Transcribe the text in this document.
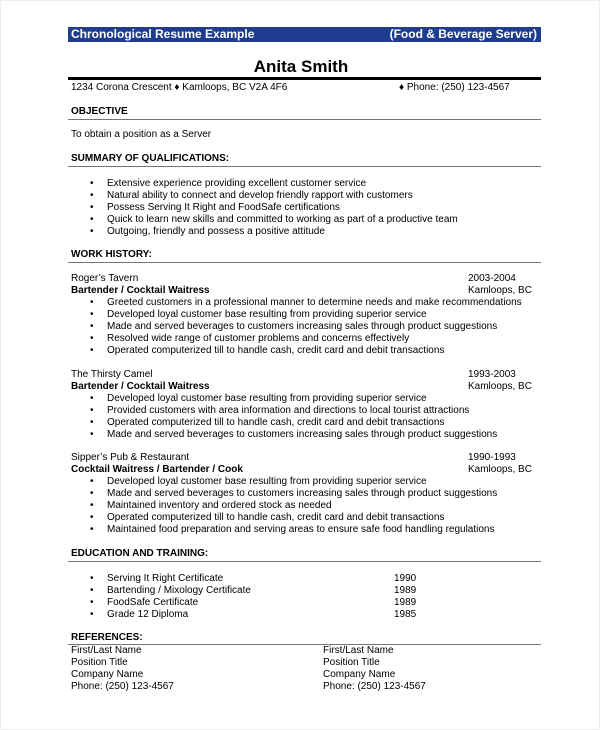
Chronological Resume Example	(Food & Beverage Server)
Anita Smith
1234 Corona Crescent ♦ Kamloops, BC V2A 4F6	♦ Phone: (250) 123-4567
OBJECTIVE
To obtain a position as a Server
SUMMARY OF QUALIFICATIONS:
• Extensive experience providing excellent customer service
• Natural ability to connect and develop friendly rapport with customers
• Possess Serving It Right and FoodSafe certifications
• Quick to learn new skills and committed to working as part of a productive team
• Outgoing, friendly and possess a positive attitude
WORK HISTORY:
Roger’s Tavern	2003-2004
Bartender / Cocktail Waitress	Kamloops, BC
• Greeted customers in a professional manner to determine needs and make recommendations
• Developed loyal customer base resulting from providing superior service
• Made and served beverages to customers increasing sales through product suggestions
• Resolved wide range of customer problems and concerns effectively
• Operated computerized till to handle cash, credit card and debit transactions
The Thirsty Camel	1993-2003
Bartender / Cocktail Waitress	Kamloops, BC
• Developed loyal customer base resulting from providing superior service
• Provided customers with area information and directions to local tourist attractions
• Operated computerized till to handle cash, credit card and debit transactions
• Made and served beverages to customers increasing sales through product suggestions
Sipper’s Pub & Restaurant	1990-1993
Cocktail Waitress / Bartender / Cook	Kamloops, BC
• Developed loyal customer base resulting from providing superior service
• Made and served beverages to customers increasing sales through product suggestions
• Maintained inventory and ordered stock as needed
• Operated computerized till to handle cash, credit card and debit transactions
• Maintained food preparation and serving areas to ensure safe food handling regulations
EDUCATION AND TRAINING:
• Serving It Right Certificate	1990
• Bartending / Mixology Certificate	1989
• FoodSafe Certificate	1989
• Grade 12 Diploma	1985
REFERENCES:
First/Last Name
Position Title
Company Name
Phone: (250) 123-4567
First/Last Name
Position Title
Company Name
Phone: (250) 123-4567
